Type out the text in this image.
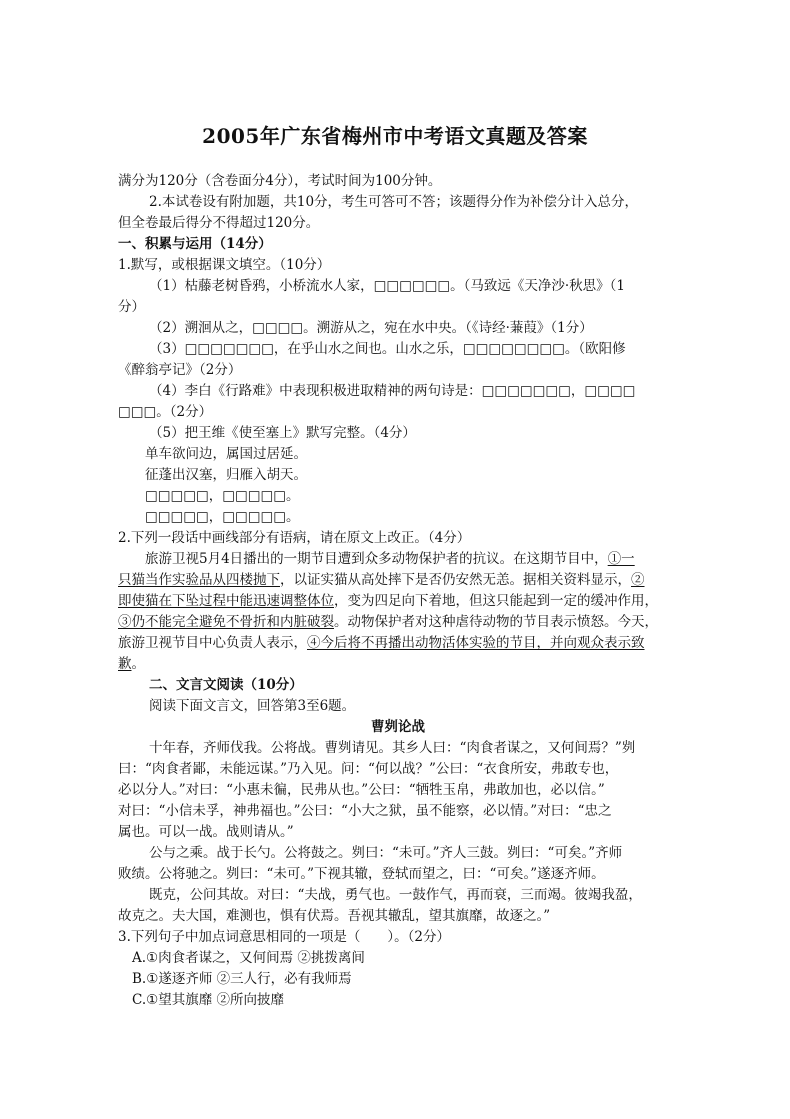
2005年广东省梅州市中考语文真题及答案
满分为120分（含卷面分4分），考试时间为100分钟。
2.本试卷设有附加题，共10分，考生可答可不答；该题得分作为补偿分计入总分，
但全卷最后得分不得超过120分。
一、积累与运用（14分）
1.默写，或根据课文填空。（10分）
（1）枯藤老树昏鸦，小桥流水人家，□□□□□□。（马致远《天净沙·秋思》（1
分）
（2）溯洄从之，□□□□。溯游从之，宛在水中央。（《诗经·蒹葭》（1分）
（3）□□□□□□□，在乎山水之间也。山水之乐，□□□□□□□□。（欧阳修
《醉翁亭记》（2分）
（4）李白《行路难》中表现积极进取精神的两句诗是：□□□□□□□，□□□□
□□□。（2分）
（5）把王维《使至塞上》默写完整。（4分）
单车欲问边，属国过居延。
征蓬出汉塞，归雁入胡天。
□□□□□，□□□□□。
□□□□□，□□□□□。
2.下列一段话中画线部分有语病，请在原文上改正。（4分）
旅游卫视5月4日播出的一期节目遭到众多动物保护者的抗议。在这期节目中，①一
只猫当作实验品从四楼抛下，以证实猫从高处摔下是否仍安然无恙。据相关资料显示，②
即使猫在下坠过程中能迅速调整体位，变为四足向下着地，但这只能起到一定的缓冲作用，
③仍不能完全避免不骨折和内脏破裂。动物保护者对这种虐待动物的节目表示愤怒。今天，
旅游卫视节目中心负责人表示，④今后将不再播出动物活体实验的节目，并向观众表示致
歉。
二、文言文阅读（10分）
阅读下面文言文，回答第3至6题。
曹刿论战
十年春，齐师伐我。公将战。曹刿请见。其乡人曰：“肉食者谋之，又何间焉？”刿
曰：“肉食者鄙，未能远谋。”乃入见。问：“何以战？”公曰：“衣食所安，弗敢专也，
必以分人。”对曰：“小惠未徧，民弗从也。”公曰：“牺牲玉帛，弗敢加也，必以信。”
对曰：“小信未孚，神弗福也。”公曰：“小大之狱，虽不能察，必以情。”对曰：“忠之
属也。可以一战。战则请从。”
公与之乘。战于长勺。公将鼓之。刿曰：“未可。”齐人三鼓。刿曰：“可矣。”齐师
败绩。公将驰之。刿曰：“未可。”下视其辙，登轼而望之，曰：“可矣。”遂逐齐师。
既克，公问其故。对曰：“夫战，勇气也。一鼓作气，再而衰，三而竭。彼竭我盈，
故克之。夫大国，难测也，惧有伏焉。吾视其辙乱，望其旗靡，故逐之。”
3.下列句子中加点词意思相同的一项是（　　）。（2分）
A.①肉食者谋之，又何间焉 ②挑拨离间
B.①遂逐齐师 ②三人行，必有我师焉
C.①望其旗靡 ②所向披靡
